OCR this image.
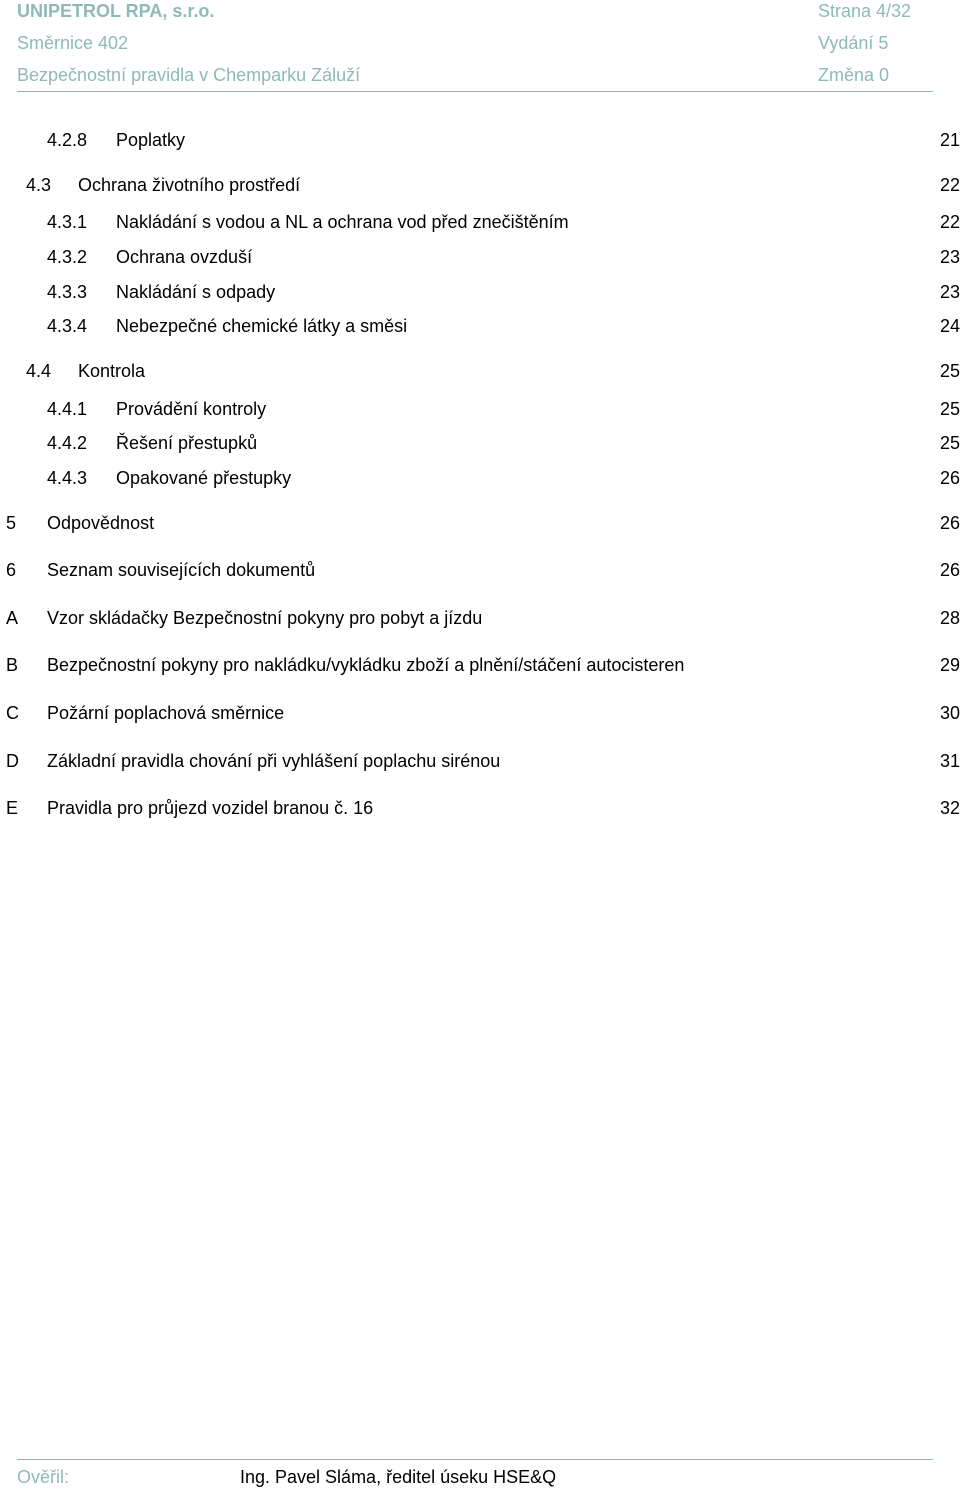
UNIPETROL RPA, s.r.o.	Strana 4/32
Směrnice 402	Vydání 5
Bezpečnostní pravidla v Chemparku Záluží	Změna 0
4.2.8 Poplatky	21
4.3 Ochrana životního prostředí	22
4.3.1 Nakládání s vodou a NL a ochrana vod před znečištěním	22
4.3.2 Ochrana ovzduší	23
4.3.3 Nakládání s odpady	23
4.3.4 Nebezpečné chemické látky a směsi	24
4.4 Kontrola	25
4.4.1 Provádění kontroly	25
4.4.2 Řešení přestupků	25
4.4.3 Opakované přestupky	26
5 Odpovědnost	26
6 Seznam souvisejících dokumentů	26
A Vzor skládačky Bezpečnostní pokyny pro pobyt a jízdu	28
B Bezpečnostní pokyny pro nakládku/vykládku zboží a plnění/stáčení autocisteren	29
C Požární poplachová směrnice	30
D Základní pravidla chování při vyhlášení poplachu sirénou	31
E Pravidla pro průjezd vozidel branou č. 16	32
Ověřil:	Ing. Pavel Sláma, ředitel úseku HSE&Q
